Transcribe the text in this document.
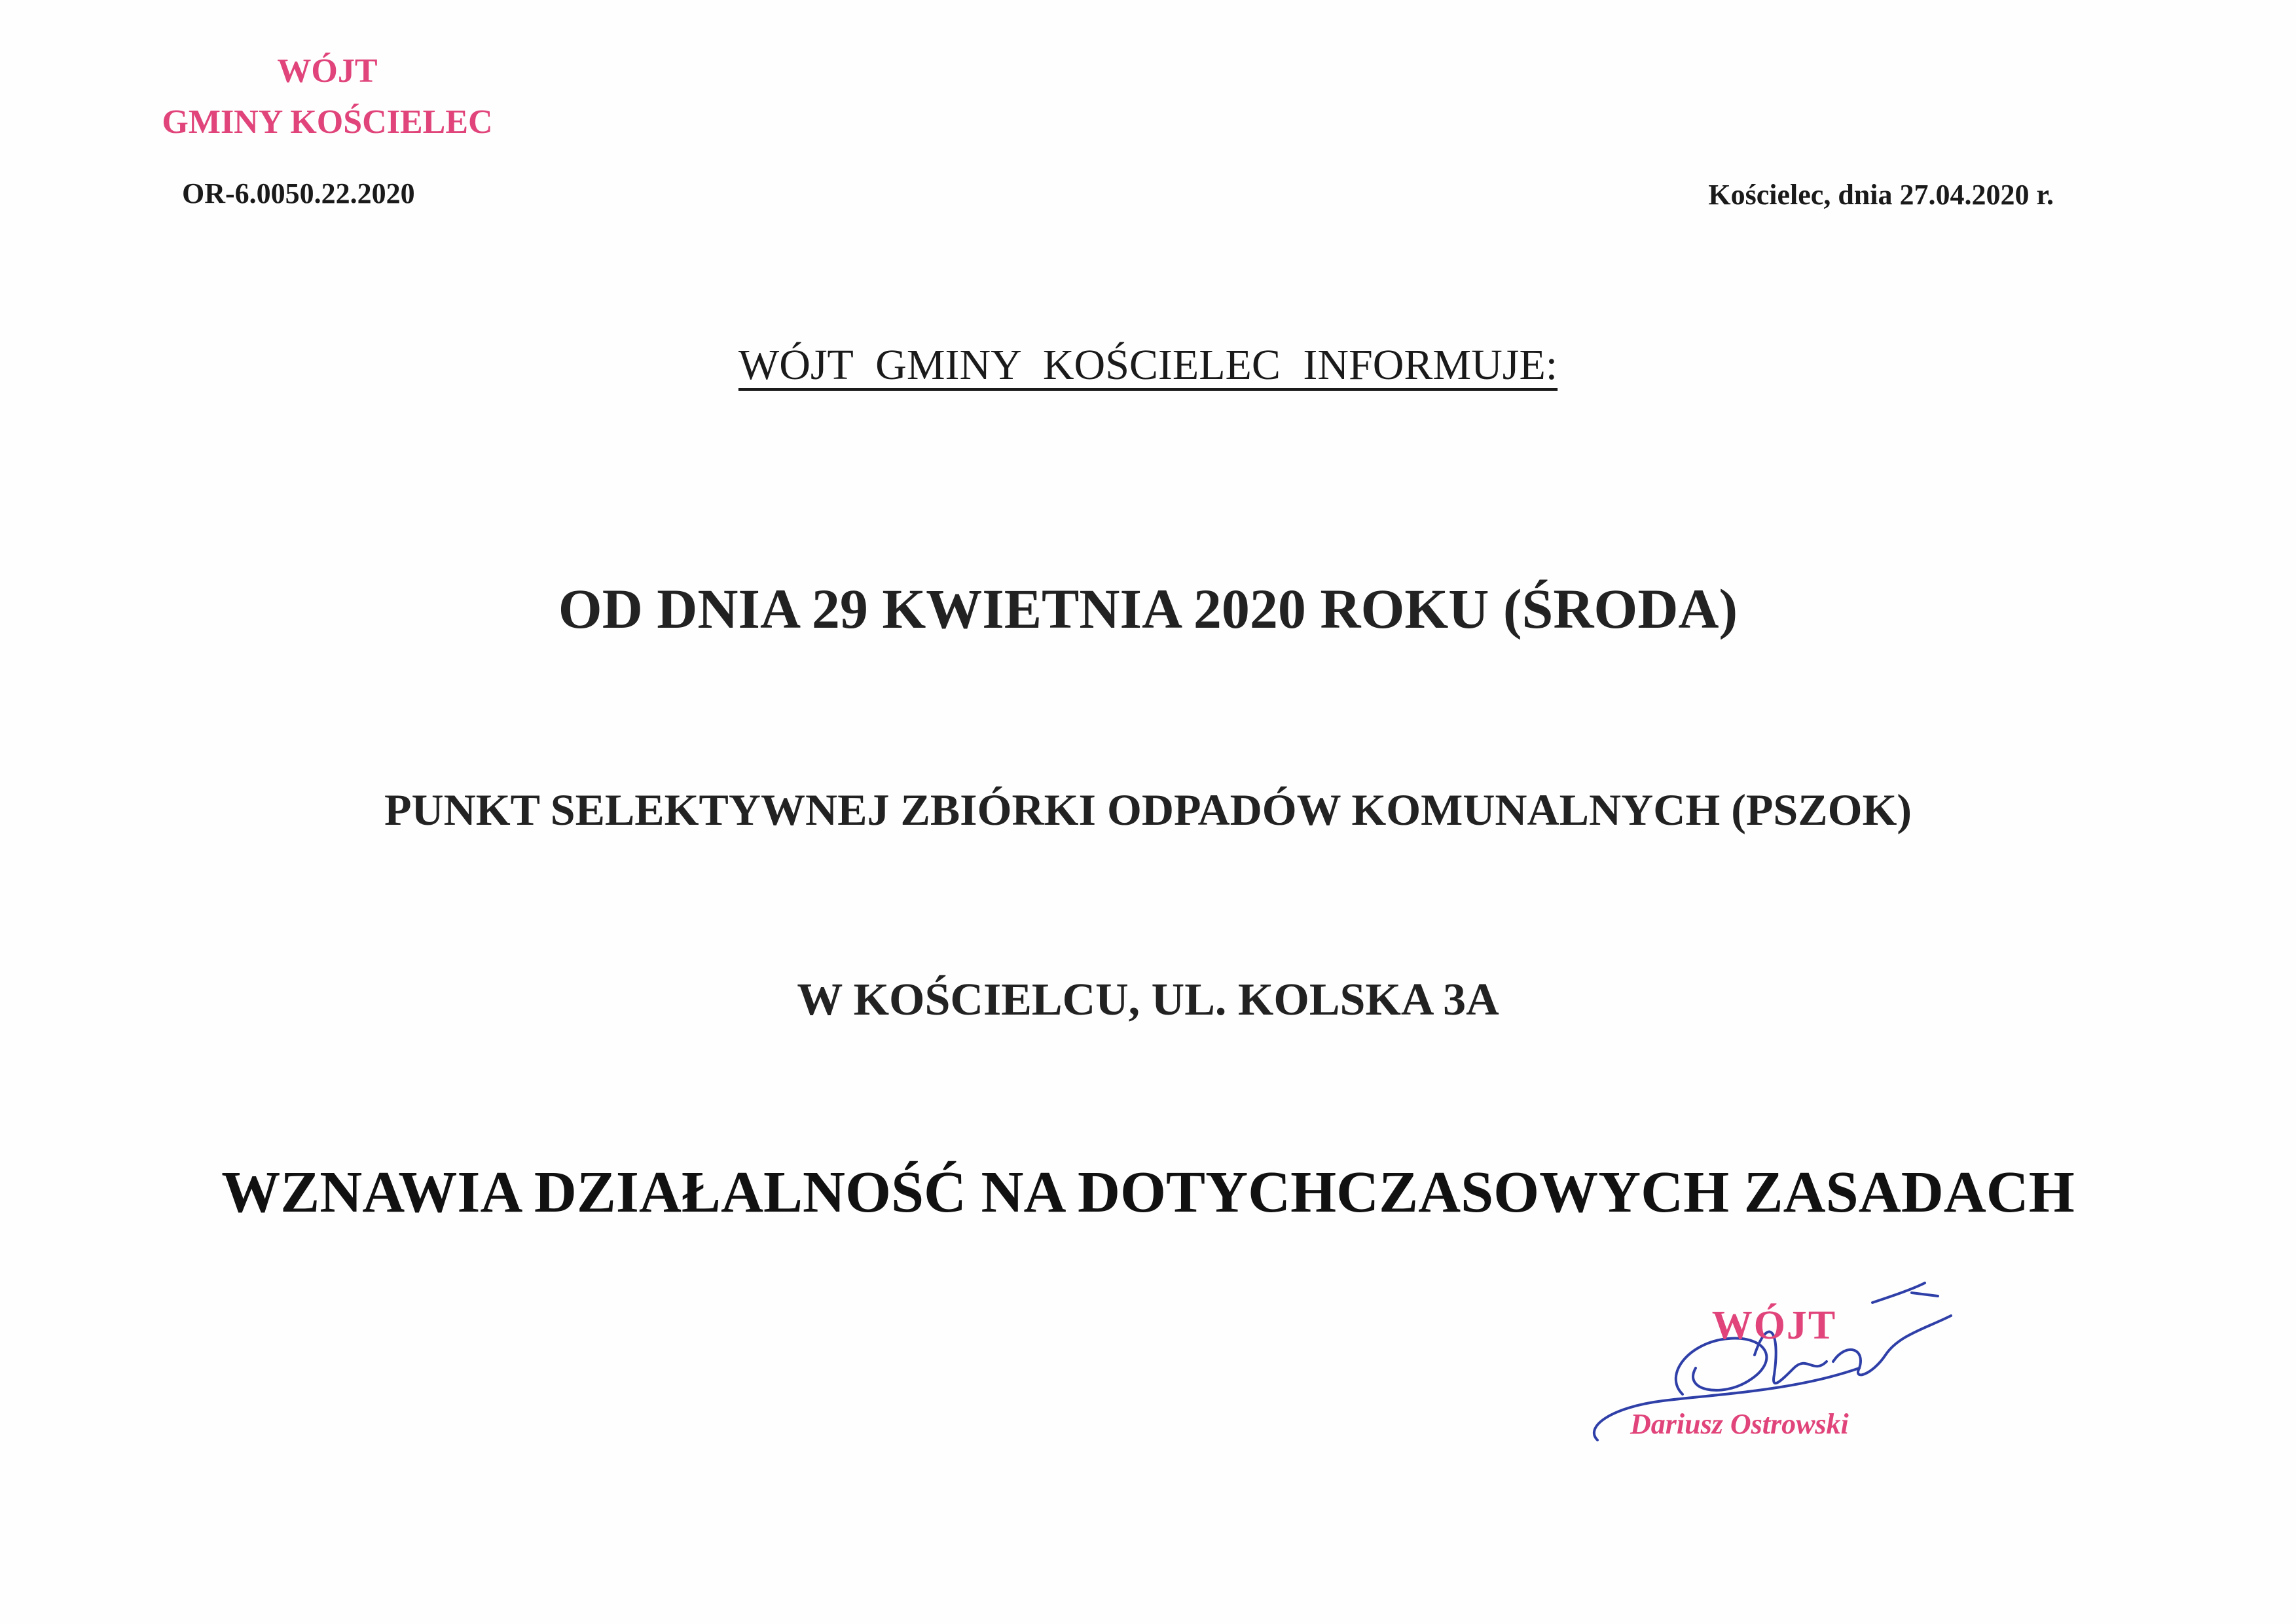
WÓJT
GMINY KOŚCIELEC
OR-6.0050.22.2020	Kościelec, dnia 27.04.2020 r.
WÓJT GMINY KOŚCIELEC INFORMUJE:
OD DNIA 29 KWIETNIA 2020 ROKU (ŚRODA)
PUNKT SELEKTYWNEJ ZBIÓRKI ODPADÓW KOMUNALNYCH (PSZOK)
W KOŚCIELCU, UL. KOLSKA 3A
WZNAWIA DZIAŁALNOŚĆ NA DOTYCHCZASOWYCH ZASADACH
WÓJT
Dariusz Ostrowski
